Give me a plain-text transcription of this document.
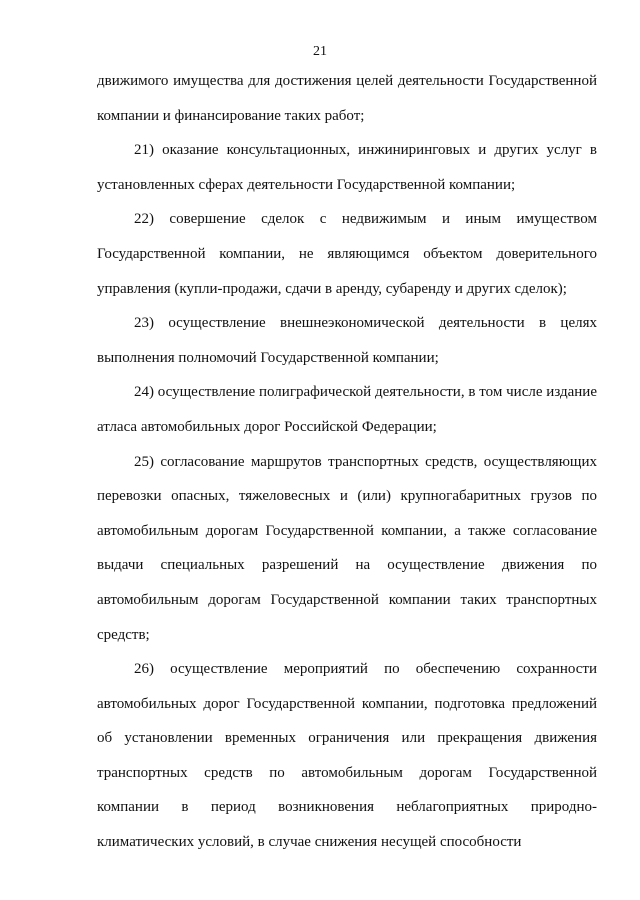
21

движимого имущества для достижения целей деятельности Государственной компании и финансирование таких работ;

21) оказание консультационных, инжиниринговых и других услуг в установленных сферах деятельности Государственной компании;

22) совершение сделок с недвижимым и иным имуществом Государственной компании, не являющимся объектом доверительного управления (купли-продажи, сдачи в аренду, субаренду и других сделок);

23) осуществление внешнеэкономической деятельности в целях выполнения полномочий Государственной компании;

24) осуществление полиграфической деятельности, в том числе издание атласа автомобильных дорог Российской Федерации;

25) согласование маршрутов транспортных средств, осуществляющих перевозки опасных, тяжеловесных и (или) крупногабаритных грузов по автомобильным дорогам Государственной компании, а также согласование выдачи специальных разрешений на осуществление движения по автомобильным дорогам Государственной компании таких транспортных средств;

26) осуществление мероприятий по обеспечению сохранности автомобильных дорог Государственной компании, подготовка предложений об установлении временных ограничения или прекращения движения транспортных средств по автомобильным дорогам Государственной компании в период возникновения неблагоприятных природно-климатических условий, в случае снижения несущей способности
